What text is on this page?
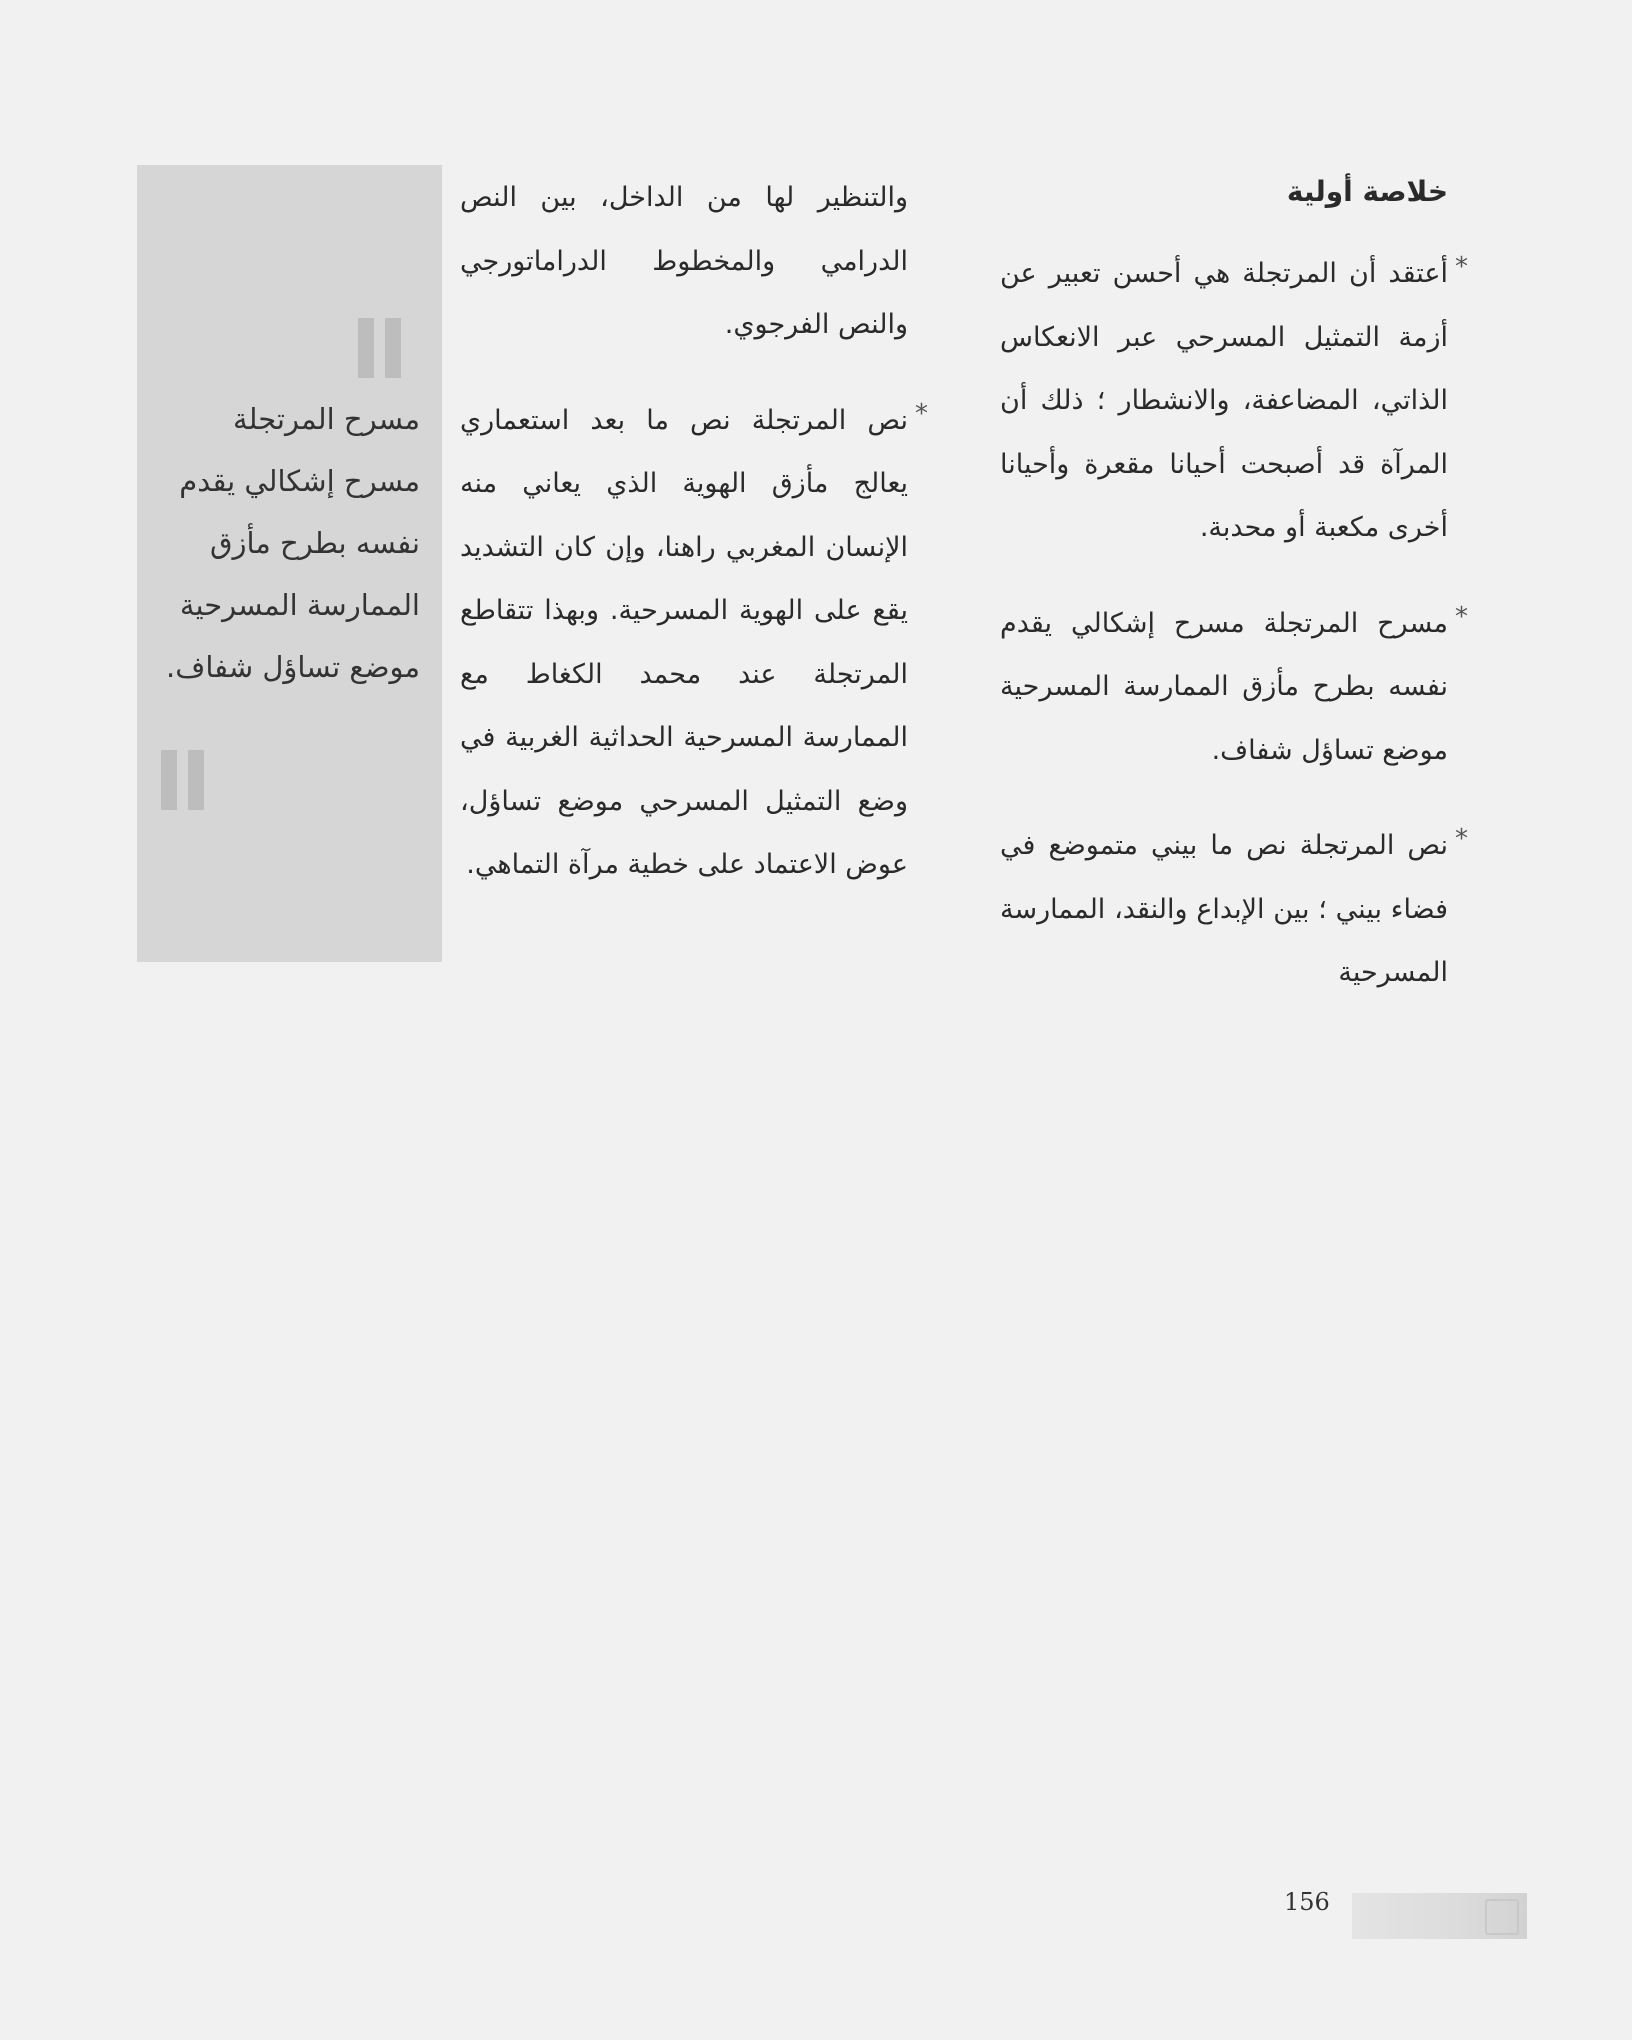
خلاصة أولية
*
أعتقد أن المرتجلة هي أحسن تعبير عن أزمة التمثيل المسرحي عبر الانعكاس الذاتي، المضاعفة، والانشطار ؛ ذلك أن المرآة قد أصبحت أحيانا مقعرة وأحيانا أخرى مكعبة أو محدبة.
*
مسرح المرتجلة مسرح إشكالي يقدم نفسه بطرح مأزق الممارسة المسرحية موضع تساؤل شفاف.
*
نص المرتجلة نص ما بيني متموضع في فضاء بيني ؛ بين الإبداع والنقد، الممارسة المسرحية
والتنظير لها من الداخل، بين النص الدرامي والمخطوط الدراماتورجي والنص الفرجوي.
*
نص المرتجلة نص ما بعد استعماري يعالج مأزق الهوية الذي يعاني منه الإنسان المغربي راهنا، وإن كان التشديد يقع على الهوية المسرحية. وبهذا تتقاطع المرتجلة عند محمد الكغاط مع الممارسة المسرحية الحداثية الغربية في وضع التمثيل المسرحي موضع تساؤل، عوض الاعتماد على خطية مرآة التماهي.
مسرح المرتجلة مسرح إشكالي يقدم نفسه بطرح مأزق الممارسة المسرحية موضع تساؤل شفاف.
156
